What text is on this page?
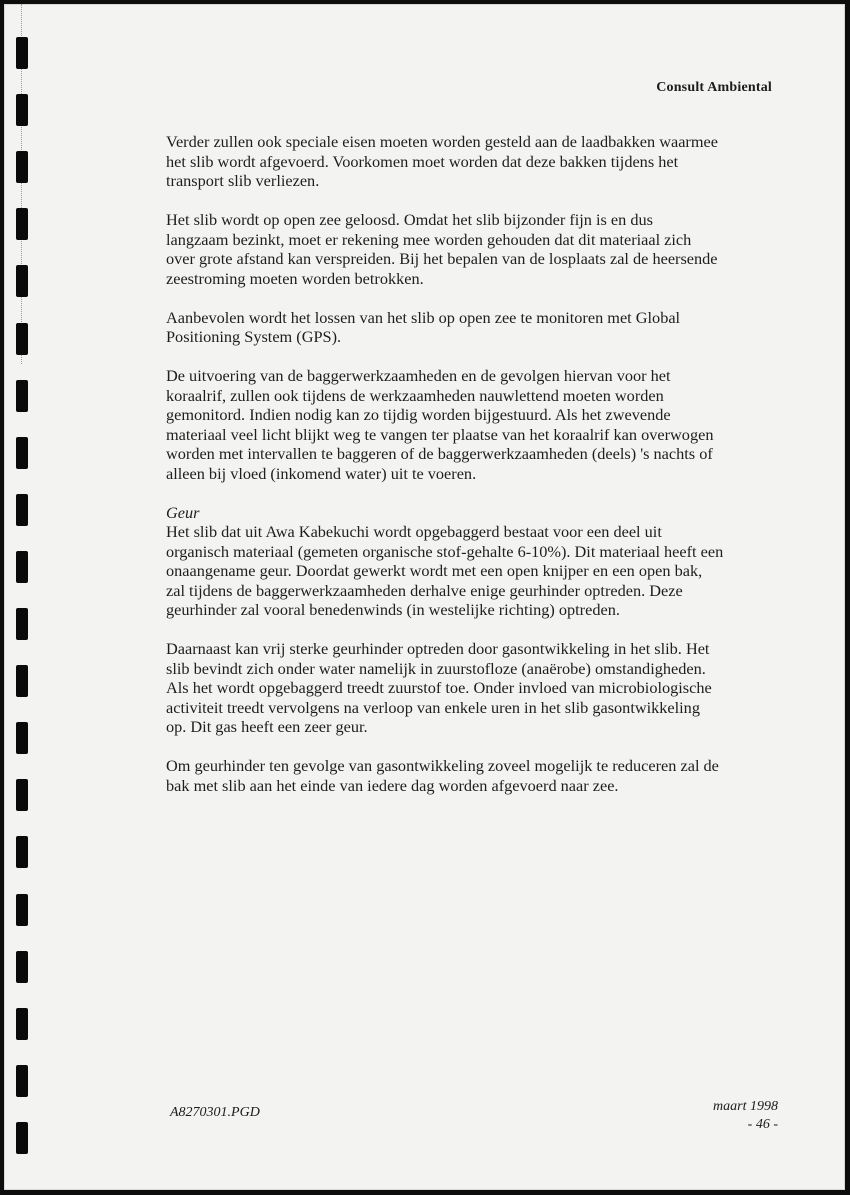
Consult Ambiental
Verder zullen ook speciale eisen moeten worden gesteld aan de laadbakken waarmee
het slib wordt afgevoerd. Voorkomen moet worden dat deze bakken tijdens het
transport slib verliezen.
Het slib wordt op open zee geloosd. Omdat het slib bijzonder fijn is en dus
langzaam bezinkt, moet er rekening mee worden gehouden dat dit materiaal zich
over grote afstand kan verspreiden. Bij het bepalen van de losplaats zal de heersende
zeestroming moeten worden betrokken.
Aanbevolen wordt het lossen van het slib op open zee te monitoren met Global
Positioning System (GPS).
De uitvoering van de baggerwerkzaamheden en de gevolgen hiervan voor het
koraalrif, zullen ook tijdens de werkzaamheden nauwlettend moeten worden
gemonitord. Indien nodig kan zo tijdig worden bijgestuurd. Als het zwevende
materiaal veel licht blijkt weg te vangen ter plaatse van het koraalrif kan overwogen
worden met intervallen te baggeren of de baggerwerkzaamheden (deels) 's nachts of
alleen bij vloed (inkomend water) uit te voeren.
Geur
Het slib dat uit Awa Kabekuchi wordt opgebaggerd bestaat voor een deel uit
organisch materiaal (gemeten organische stof-gehalte 6-10%). Dit materiaal heeft een
onaangename geur. Doordat gewerkt wordt met een open knijper en een open bak,
zal tijdens de baggerwerkzaamheden derhalve enige geurhinder optreden. Deze
geurhinder zal vooral benedenwinds (in westelijke richting) optreden.
Daarnaast kan vrij sterke geurhinder optreden door gasontwikkeling in het slib. Het
slib bevindt zich onder water namelijk in zuurstofloze (anaërobe) omstandigheden.
Als het wordt opgebaggerd treedt zuurstof toe. Onder invloed van microbiologische
activiteit treedt vervolgens na verloop van enkele uren in het slib gasontwikkeling
op. Dit gas heeft een zeer geur.
Om geurhinder ten gevolge van gasontwikkeling zoveel mogelijk te reduceren zal de
bak met slib aan het einde van iedere dag worden afgevoerd naar zee.
A8270301.PGD	maart 1998
- 46 -
